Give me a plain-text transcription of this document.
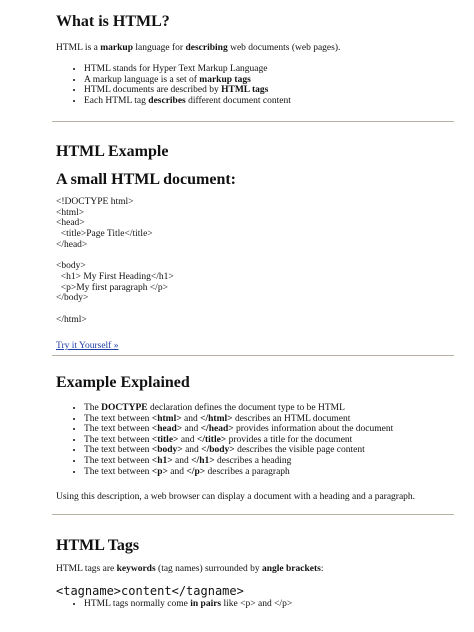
What is HTML?

HTML is a markup language for describing web documents (web pages).

• HTML stands for Hyper Text Markup Language
• A markup language is a set of markup tags
• HTML documents are described by HTML tags
• Each HTML tag describes different document content
HTML Example
A small HTML document:
<!DOCTYPE html>
<html>
<head>
<title>Page Title</title>
</head>

<body>
<h1> My First Heading</h1>
<p>My first paragraph </p>
</body>

</html>
Try it Yourself »
Example Explained
• The DOCTYPE declaration defines the document type to be HTML
• The text between <html> and </html> describes an HTML document
• The text between <head> and </head> provides information about the document
• The text between <title> and </title> provides a title for the document
• The text between <body> and </body> describes the visible page content
• The text between <h1> and </h1> describes a heading
• The text between <p> and </p> describes a paragraph

Using this description, a web browser can display a document with a heading and a paragraph.

HTML Tags

HTML tags are keywords (tag names) surrounded by angle brackets:

<tagname>content</tagname>
• HTML tags normally come in pairs like <p> and </p>
